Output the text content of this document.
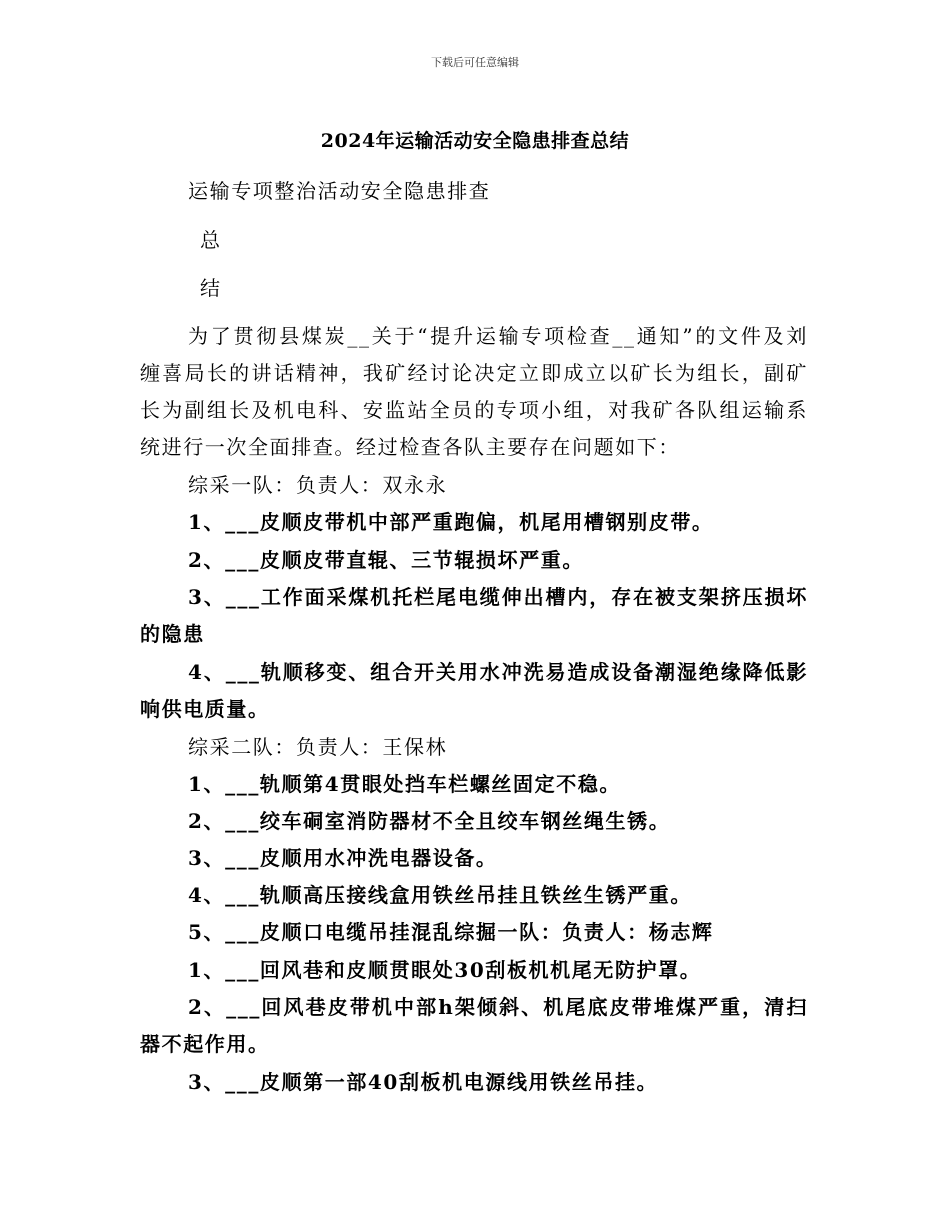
下载后可任意编辑
2024年运输活动安全隐患排查总结
运输专项整治活动安全隐患排查
总
结
为了贯彻县煤炭__关于“提升运输专项检查__通知”的文件及刘
缠喜局长的讲话精神，我矿经讨论决定立即成立以矿长为组长，副矿
长为副组长及机电科、安监站全员的专项小组，对我矿各队组运输系
统进行一次全面排查。经过检查各队主要存在问题如下：
综采一队：负责人：双永永
1、___皮顺皮带机中部严重跑偏，机尾用槽钢别皮带。
2、___皮顺皮带直辊、三节辊损坏严重。
3、___工作面采煤机托栏尾电缆伸出槽内，存在被支架挤压损坏
的隐患
4、___轨顺移变、组合开关用水冲洗易造成设备潮湿绝缘降低影
响供电质量。
综采二队：负责人：王保林
1、___轨顺第4贯眼处挡车栏螺丝固定不稳。
2、___绞车硐室消防器材不全且绞车钢丝绳生锈。
3、___皮顺用水冲洗电器设备。
4、___轨顺高压接线盒用铁丝吊挂且铁丝生锈严重。
5、___皮顺口电缆吊挂混乱综掘一队：负责人：杨志辉
1、___回风巷和皮顺贯眼处30刮板机机尾无防护罩。
2、___回风巷皮带机中部h架倾斜、机尾底皮带堆煤严重，清扫
器不起作用。
3、___皮顺第一部40刮板机电源线用铁丝吊挂。
